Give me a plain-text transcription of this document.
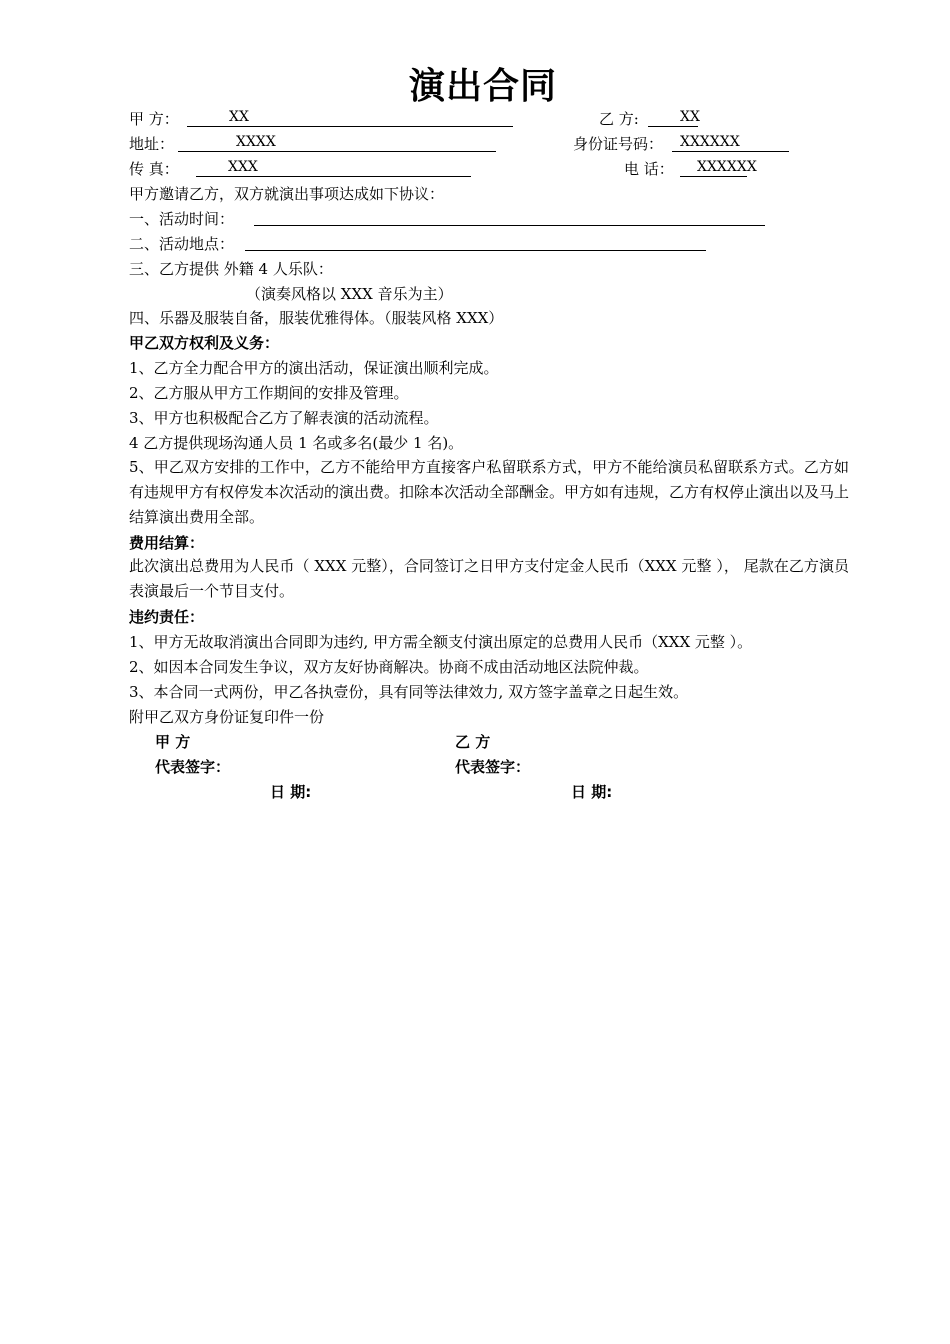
演出合同
甲 方：	XX	乙 方:	XX
地址：	XXXX	身份证号码：	XXXXXX
传 真：	XXX	电 话：	XXXXXX
甲方邀请乙方，双方就演出事项达成如下协议：
一、活动时间：
二、活动地点：
三、乙方提供 外籍 4 人乐队：
（演奏风格以 XXX 音乐为主）
四、乐器及服装自备，服装优雅得体。（服装风格 XXX）
甲乙双方权利及义务：
1、乙方全力配合甲方的演出活动，保证演出顺利完成。
2、乙方服从甲方工作期间的安排及管理。
3、甲方也积极配合乙方了解表演的活动流程。
4 乙方提供现场沟通人员 1 名或多名(最少 1 名)。
5、甲乙双方安排的工作中，乙方不能给甲方直接客户私留联系方式，甲方不能给演员私留联系方式。乙方如有违规甲方有权停发本次活动的演出费。扣除本次活动全部酬金。甲方如有违规，乙方有权停止演出以及马上结算演出费用全部。
费用结算：
此次演出总费用为人民币（ XXX 元整），合同签订之日甲方支付定金人民币（XXX 元整 ）， 尾款在乙方演员表演最后一个节目支付。
违约责任：
1、甲方无故取消演出合同即为违约, 甲方需全额支付演出原定的总费用人民币（XXX 元整 ）。
2、如因本合同发生争议，双方友好协商解决。协商不成由活动地区法院仲裁。
3、本合同一式两份，甲乙各执壹份，具有同等法律效力, 双方签字盖章之日起生效。
附甲乙双方身份证复印件一份
甲 方	乙 方
代表签字：	代表签字：
日 期:	日 期:
